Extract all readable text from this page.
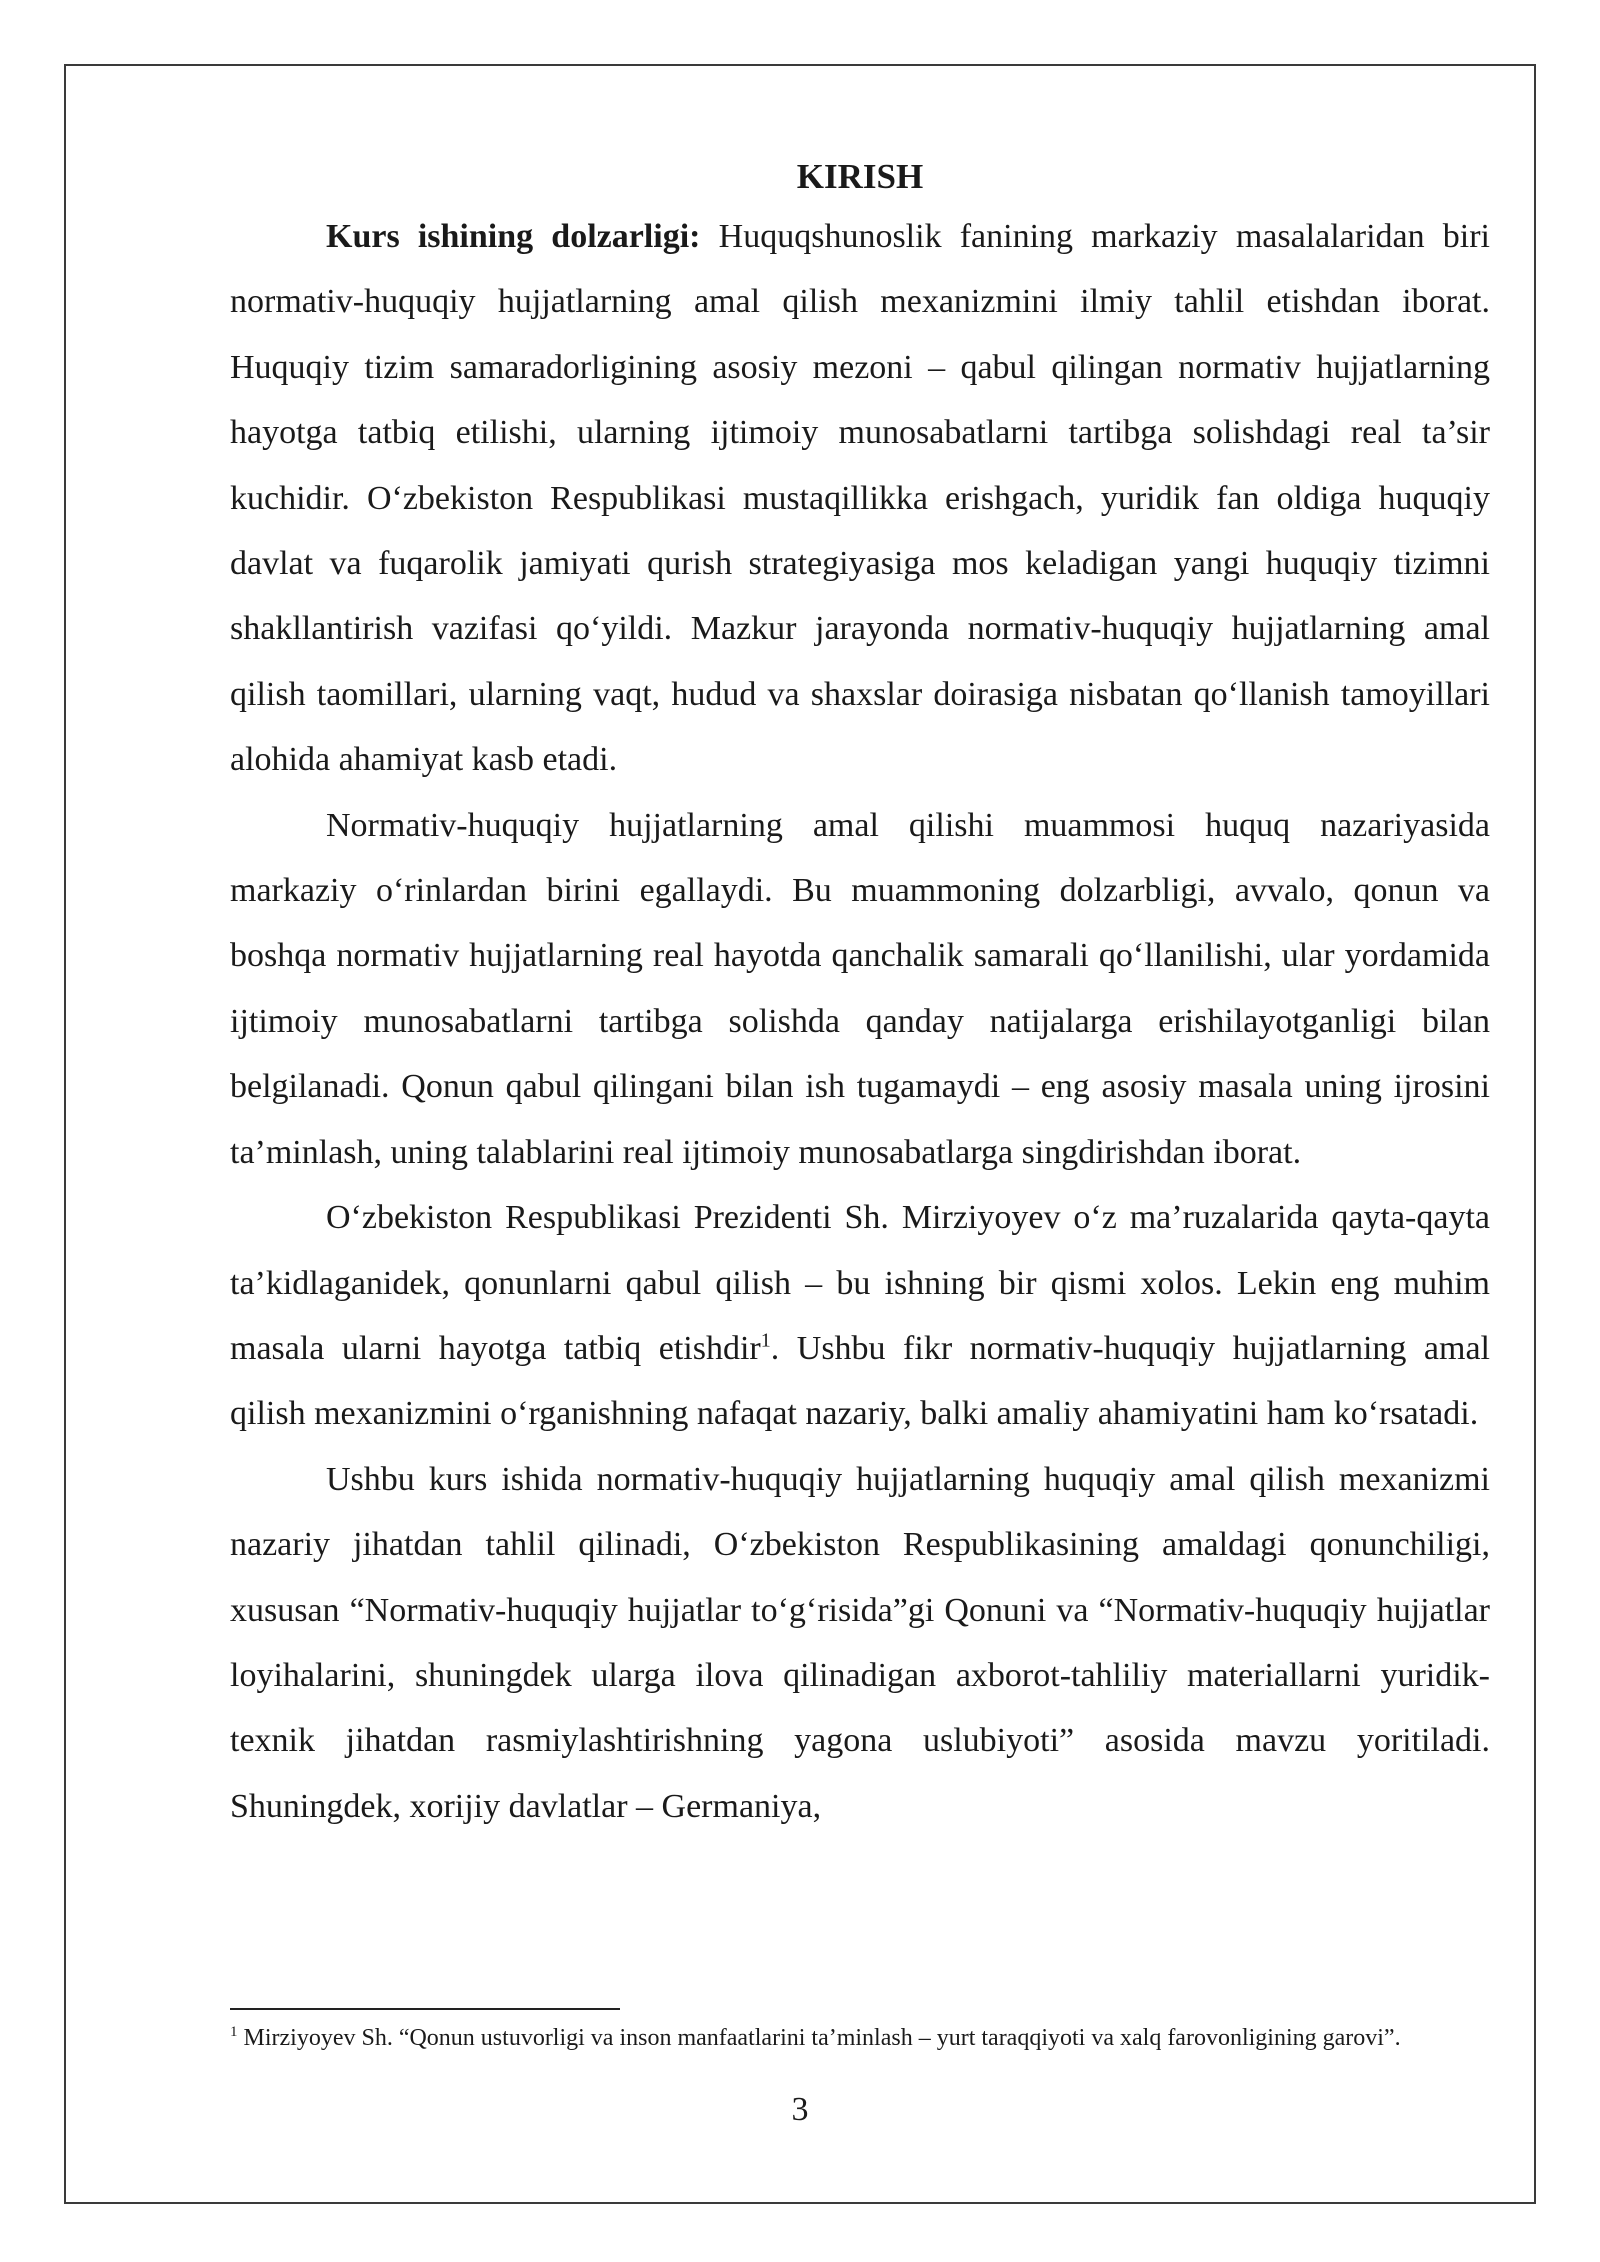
KIRISH

Kurs ishining dolzarligi: Huquqshunoslik fanining markaziy masalalaridan biri normativ-huquqiy hujjatlarning amal qilish mexanizmini ilmiy tahlil etishdan iborat. Huquqiy tizim samaradorligining asosiy mezoni – qabul qilingan normativ hujjatlarning hayotga tatbiq etilishi, ularning ijtimoiy munosabatlarni tartibga solishdagi real ta’sir kuchidir. O‘zbekiston Respublikasi mustaqillikka erishgach, yuridik fan oldiga huquqiy davlat va fuqarolik jamiyati qurish strategiyasiga mos keladigan yangi huquqiy tizimni shakllantirish vazifasi qo‘yildi. Mazkur jarayonda normativ-huquqiy hujjatlarning amal qilish taomillari, ularning vaqt, hudud va shaxslar doirasiga nisbatan qo‘llanish tamoyillari alohida ahamiyat kasb etadi.

Normativ-huquqiy hujjatlarning amal qilishi muammosi huquq nazariyasida markaziy o‘rinlardan birini egallaydi. Bu muammoning dolzarbligi, avvalo, qonun va boshqa normativ hujjatlarning real hayotda qanchalik samarali qo‘llanilishi, ular yordamida ijtimoiy munosabatlarni tartibga solishda qanday natijalarga erishilayotganligi bilan belgilanadi. Qonun qabul qilingani bilan ish tugamaydi – eng asosiy masala uning ijrosini ta’minlash, uning talablarini real ijtimoiy munosabatlarga singdirishdan iborat.

O‘zbekiston Respublikasi Prezidenti Sh. Mirziyoyev o‘z ma’ruzalarida qayta-qayta ta’kidlaganidek, qonunlarni qabul qilish – bu ishning bir qismi xolos. Lekin eng muhim masala ularni hayotga tatbiq etishdir$^1$. Ushbu fikr normativ-huquqiy hujjatlarning amal qilish mexanizmini o‘rganishning nafaqat nazariy, balki amaliy ahamiyatini ham ko‘rsatadi.

Ushbu kurs ishida normativ-huquqiy hujjatlarning huquqiy amal qilish mexanizmi nazariy jihatdan tahlil qilinadi, O‘zbekiston Respublikasining amaldagi qonunchiligi, xususan “Normativ-huquqiy hujjatlar to‘g‘risida”gi Qonuni va “Normativ-huquqiy hujjatlar loyihalarini, shuningdek ularga ilova qilinadigan axborot-tahliliy materiallarni yuridik-texnik jihatdan rasmiylashtirishning yagona uslubiyoti” asosida mavzu yoritiladi. Shuningdek, xorijiy davlatlar – Germaniya,

$^1$ Mirziyoyev Sh. “Qonun ustuvorligi va inson manfaatlarini ta’minlash – yurt taraqqiyoti va xalq farovonligining garovi”.
3
